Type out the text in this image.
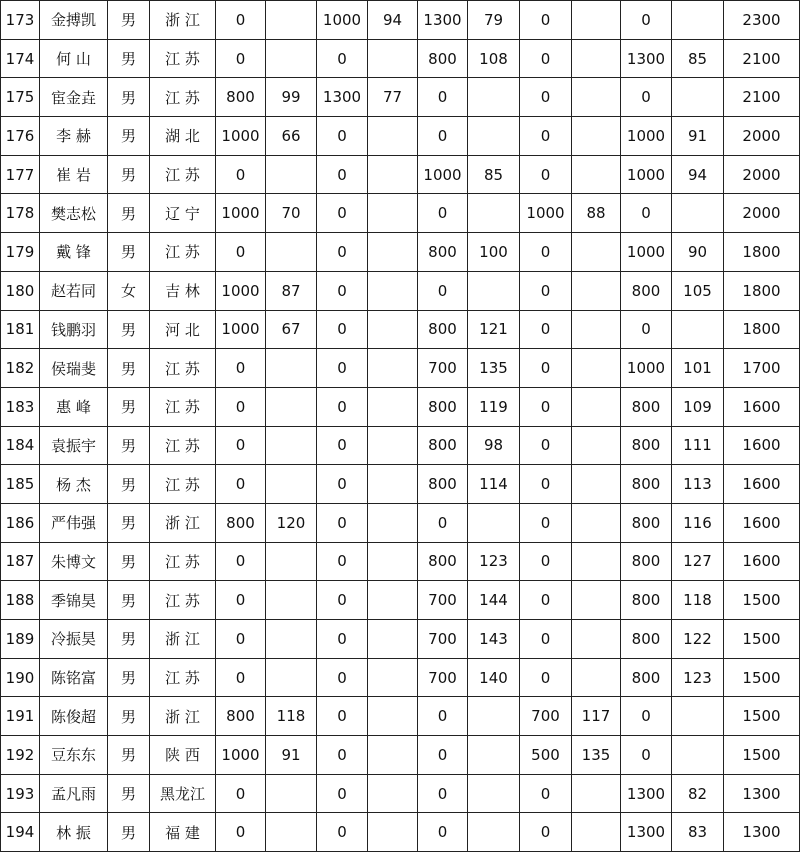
173	金搏凯	男	浙 江	0		1000	94	1300	79	0		0		2300
174	何 山	男	江 苏	0		0		800	108	0		1300	85	2100
175	宦金垚	男	江 苏	800	99	1300	77	0		0		0		2100
176	李 赫	男	湖 北	1000	66	0		0		0		1000	91	2000
177	崔 岩	男	江 苏	0		0		1000	85	0		1000	94	2000
178	樊志松	男	辽 宁	1000	70	0		0		1000	88	0		2000
179	戴 锋	男	江 苏	0		0		800	100	0		1000	90	1800
180	赵若同	女	吉 林	1000	87	0		0		0		800	105	1800
181	钱鹏羽	男	河 北	1000	67	0		800	121	0		0		1800
182	侯瑞斐	男	江 苏	0		0		700	135	0		1000	101	1700
183	惠 峰	男	江 苏	0		0		800	119	0		800	109	1600
184	袁振宇	男	江 苏	0		0		800	98	0		800	111	1600
185	杨 杰	男	江 苏	0		0		800	114	0		800	113	1600
186	严伟强	男	浙 江	800	120	0		0		0		800	116	1600
187	朱博文	男	江 苏	0		0		800	123	0		800	127	1600
188	季锦昊	男	江 苏	0		0		700	144	0		800	118	1500
189	冷振昊	男	浙 江	0		0		700	143	0		800	122	1500
190	陈铭富	男	江 苏	0		0		700	140	0		800	123	1500
191	陈俊超	男	浙 江	800	118	0		0		700	117	0		1500
192	豆东东	男	陕 西	1000	91	0		0		500	135	0		1500
193	孟凡雨	男	黑龙江	0		0		0		0		1300	82	1300
194	林 振	男	福 建	0		0		0		0		1300	83	1300
